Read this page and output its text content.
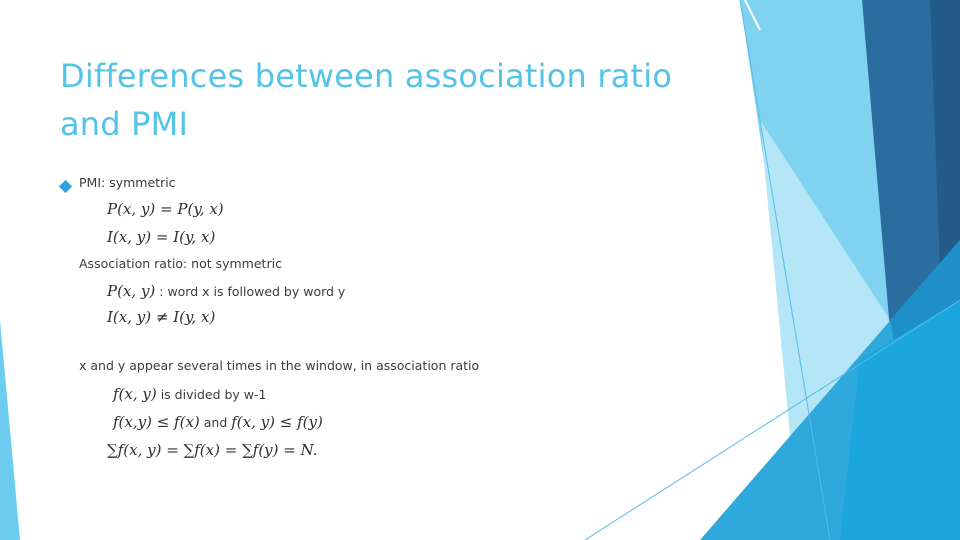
Differences between association ratio
and PMI
PMI: symmetric
P(x, y) = P(y, x)
I(x, y) = I(y, x)
Association ratio: not symmetric
P(x, y) : word x is followed by word y
I(x, y) ≠ I(y, x)
x and y appear several times in the window, in association ratio
f(x, y) is divided by w-1
f(x,y) ≤ f(x) and f(x, y) ≤ f(y)
∑f(x, y) = ∑f(x) = ∑f(y) = N.
